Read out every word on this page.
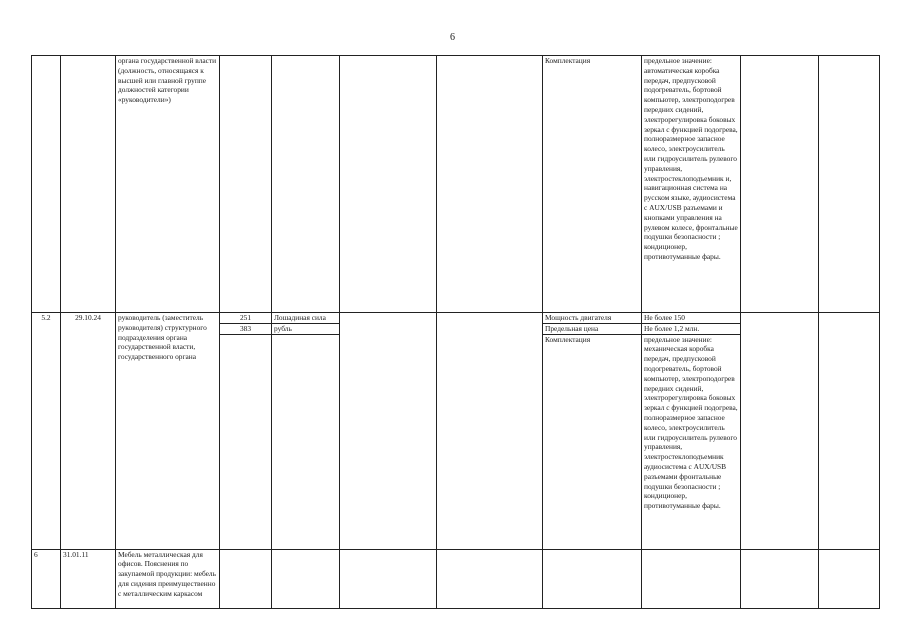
6
		органа государственной власти (должность, относящаяся к высшей или главной группе должностей категории «руководители»)					Комплектация	предельное значение: автоматическая коробка передач, предпусковой подогреватель, бортовой компьютер, электроподогрев передних сидений, электрорегулировка боковых зеркал с функцией подогрева, полноразмерное запасное колесо, электроусилитель или гидроусилитель рулевого управления, электростеклоподъемник и, навигационная система на русском языке, аудиосистема с AUX/USB разъемами и кнопками управления на рулевом колесе, фронтальные подушки безопасности ; кондиционер, противотуманные фары.		
5.2	29.10.24	руководитель (заместитель руководителя) структурного подразделения органа государственной власти, государственного органа	251	Лошадиная сила			Мощность двигателя	Не более 150		
			383	рубль			Предельная цена	Не более 1,2 млн.		
							Комплектация	предельное значение: механическая коробка передач, предпусковой подогреватель, бортовой компьютер, электроподогрев передних сидений, электрорегулировка боковых зеркал с функцией подогрева, полноразмерное запасное колесо, электроусилитель или гидроусилитель рулевого управления, электростеклоподъемник аудиосистема с AUX/USB разъемами фронтальные подушки безопасности ; кондиционер, противотуманные фары.		
6	31.01.11	Мебель металлическая для офисов. Пояснения по закупаемой продукции: мебель для сидения преимущественно с металлическим каркасом								
